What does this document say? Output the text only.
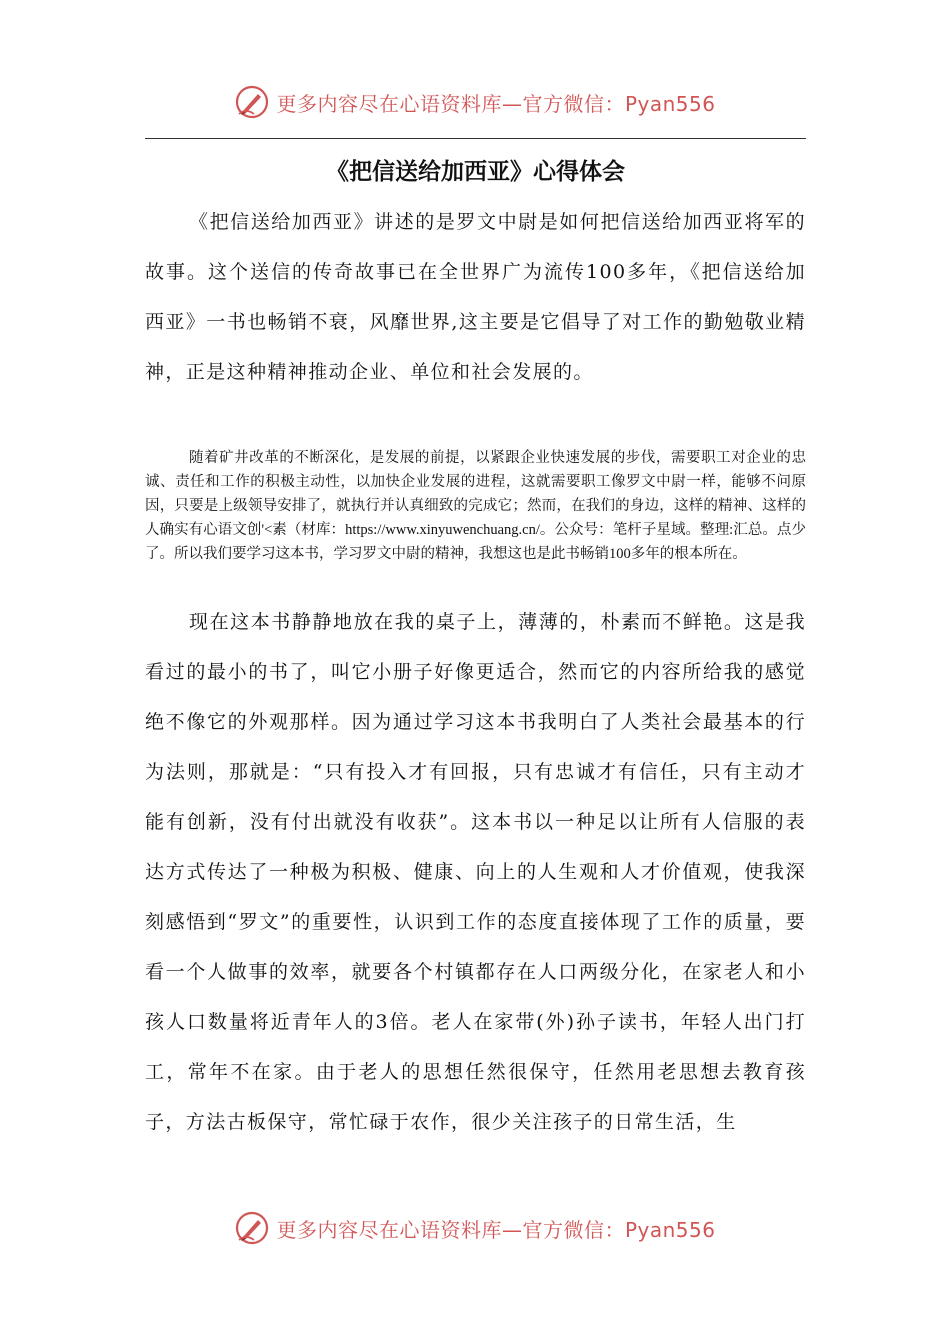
更多内容尽在心语资料库—官方微信：Pyan556
《把信送给加西亚》心得体会

《把信送给加西亚》讲述的是罗文中尉是如何把信送给加西亚将军的故事。这个送信的传奇故事已在全世界广为流传100多年，《把信送给加西亚》一书也畅销不衰，风靡世界,这主要是它倡导了对工作的勤勉敬业精神，正是这种精神推动企业、单位和社会发展的。

随着矿井改革的不断深化，是发展的前提，以紧跟企业快速发展的步伐，需要职工对企业的忠诚、责任和工作的积极主动性，以加快企业发展的进程，这就需要职工像罗文中尉一样，能够不问原因，只要是上级领导安排了，就执行并认真细致的完成它；然而，在我们的身边，这样的精神、这样的人确实有心语文创'<素（材库：https://www.xinyuwenchuang.cn/。公众号：笔杆子星域。整理:汇总。点少了。所以我们要学习这本书，学习罗文中尉的精神，我想这也是此书畅销100多年的根本所在。

现在这本书静静地放在我的桌子上，薄薄的，朴素而不鲜艳。这是我看过的最小的书了，叫它小册子好像更适合，然而它的内容所给我的感觉绝不像它的外观那样。因为通过学习这本书我明白了人类社会最基本的行为法则，那就是：“只有投入才有回报，只有忠诚才有信任，只有主动才能有创新，没有付出就没有收获”。这本书以一种足以让所有人信服的表达方式传达了一种极为积极、健康、向上的人生观和人才价值观，使我深刻感悟到“罗文”的重要性，认识到工作的态度直接体现了工作的质量，要看一个人做事的效率，就要各个村镇都存在人口两级分化，在家老人和小孩人口数量将近青年人的3倍。老人在家带(外)孙子读书，年轻人出门打工，常年不在家。由于老人的思想任然很保守，任然用老思想去教育孩子，方法古板保守，常忙碌于农作，很少关注孩子的日常生活，生

更多内容尽在心语资料库—官方微信：Pyan556
